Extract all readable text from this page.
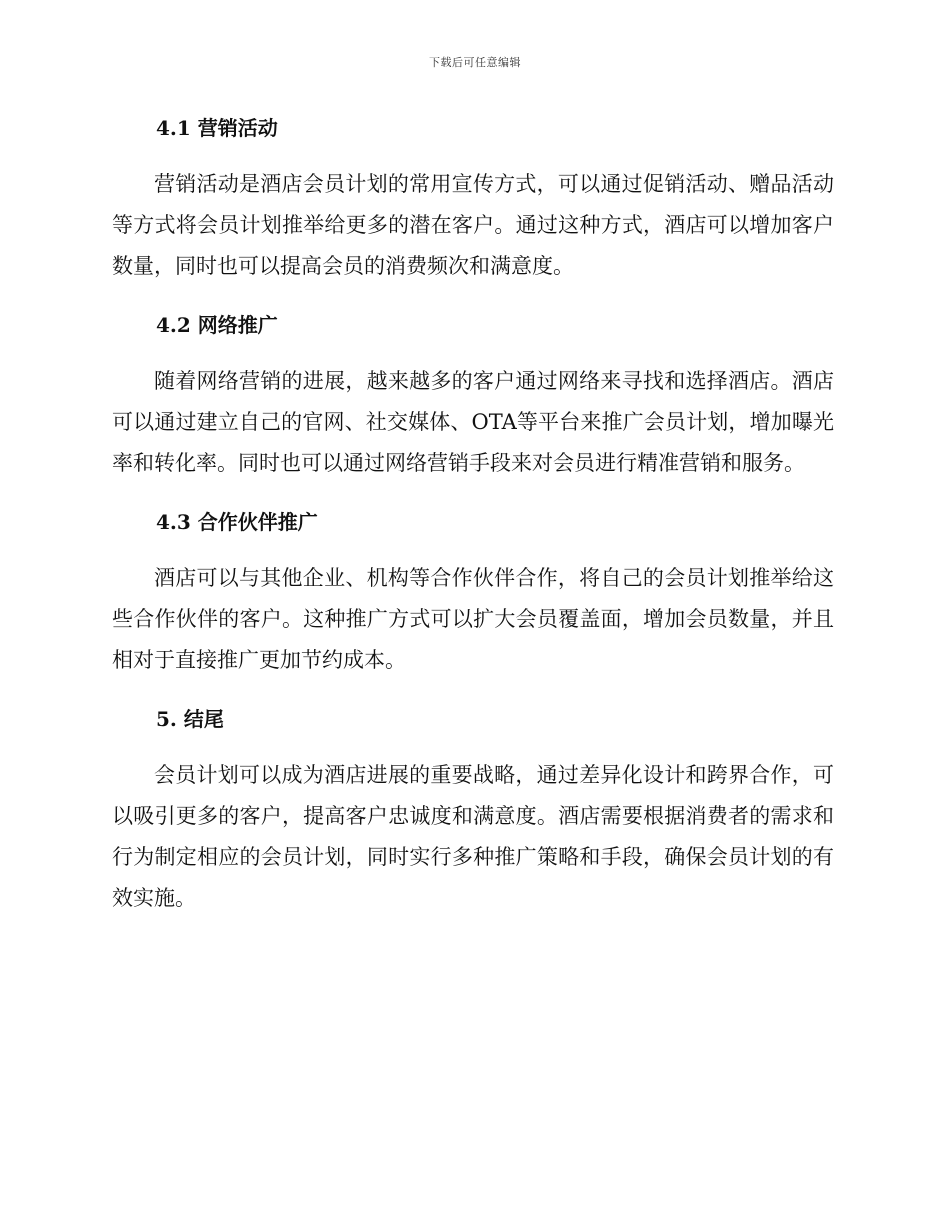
下载后可任意编辑
4.1 营销活动

营销活动是酒店会员计划的常用宣传方式，可以通过促销活动、赠品活动等方式将会员计划推举给更多的潜在客户。通过这种方式，酒店可以增加客户数量，同时也可以提高会员的消费频次和满意度。

4.2 网络推广

随着网络营销的进展，越来越多的客户通过网络来寻找和选择酒店。酒店可以通过建立自己的官网、社交媒体、OTA等平台来推广会员计划，增加曝光率和转化率。同时也可以通过网络营销手段来对会员进行精准营销和服务。

4.3 合作伙伴推广

酒店可以与其他企业、机构等合作伙伴合作，将自己的会员计划推举给这些合作伙伴的客户。这种推广方式可以扩大会员覆盖面，增加会员数量，并且相对于直接推广更加节约成本。

5. 结尾

会员计划可以成为酒店进展的重要战略，通过差异化设计和跨界合作，可以吸引更多的客户，提高客户忠诚度和满意度。酒店需要根据消费者的需求和行为制定相应的会员计划，同时实行多种推广策略和手段，确保会员计划的有效实施。
